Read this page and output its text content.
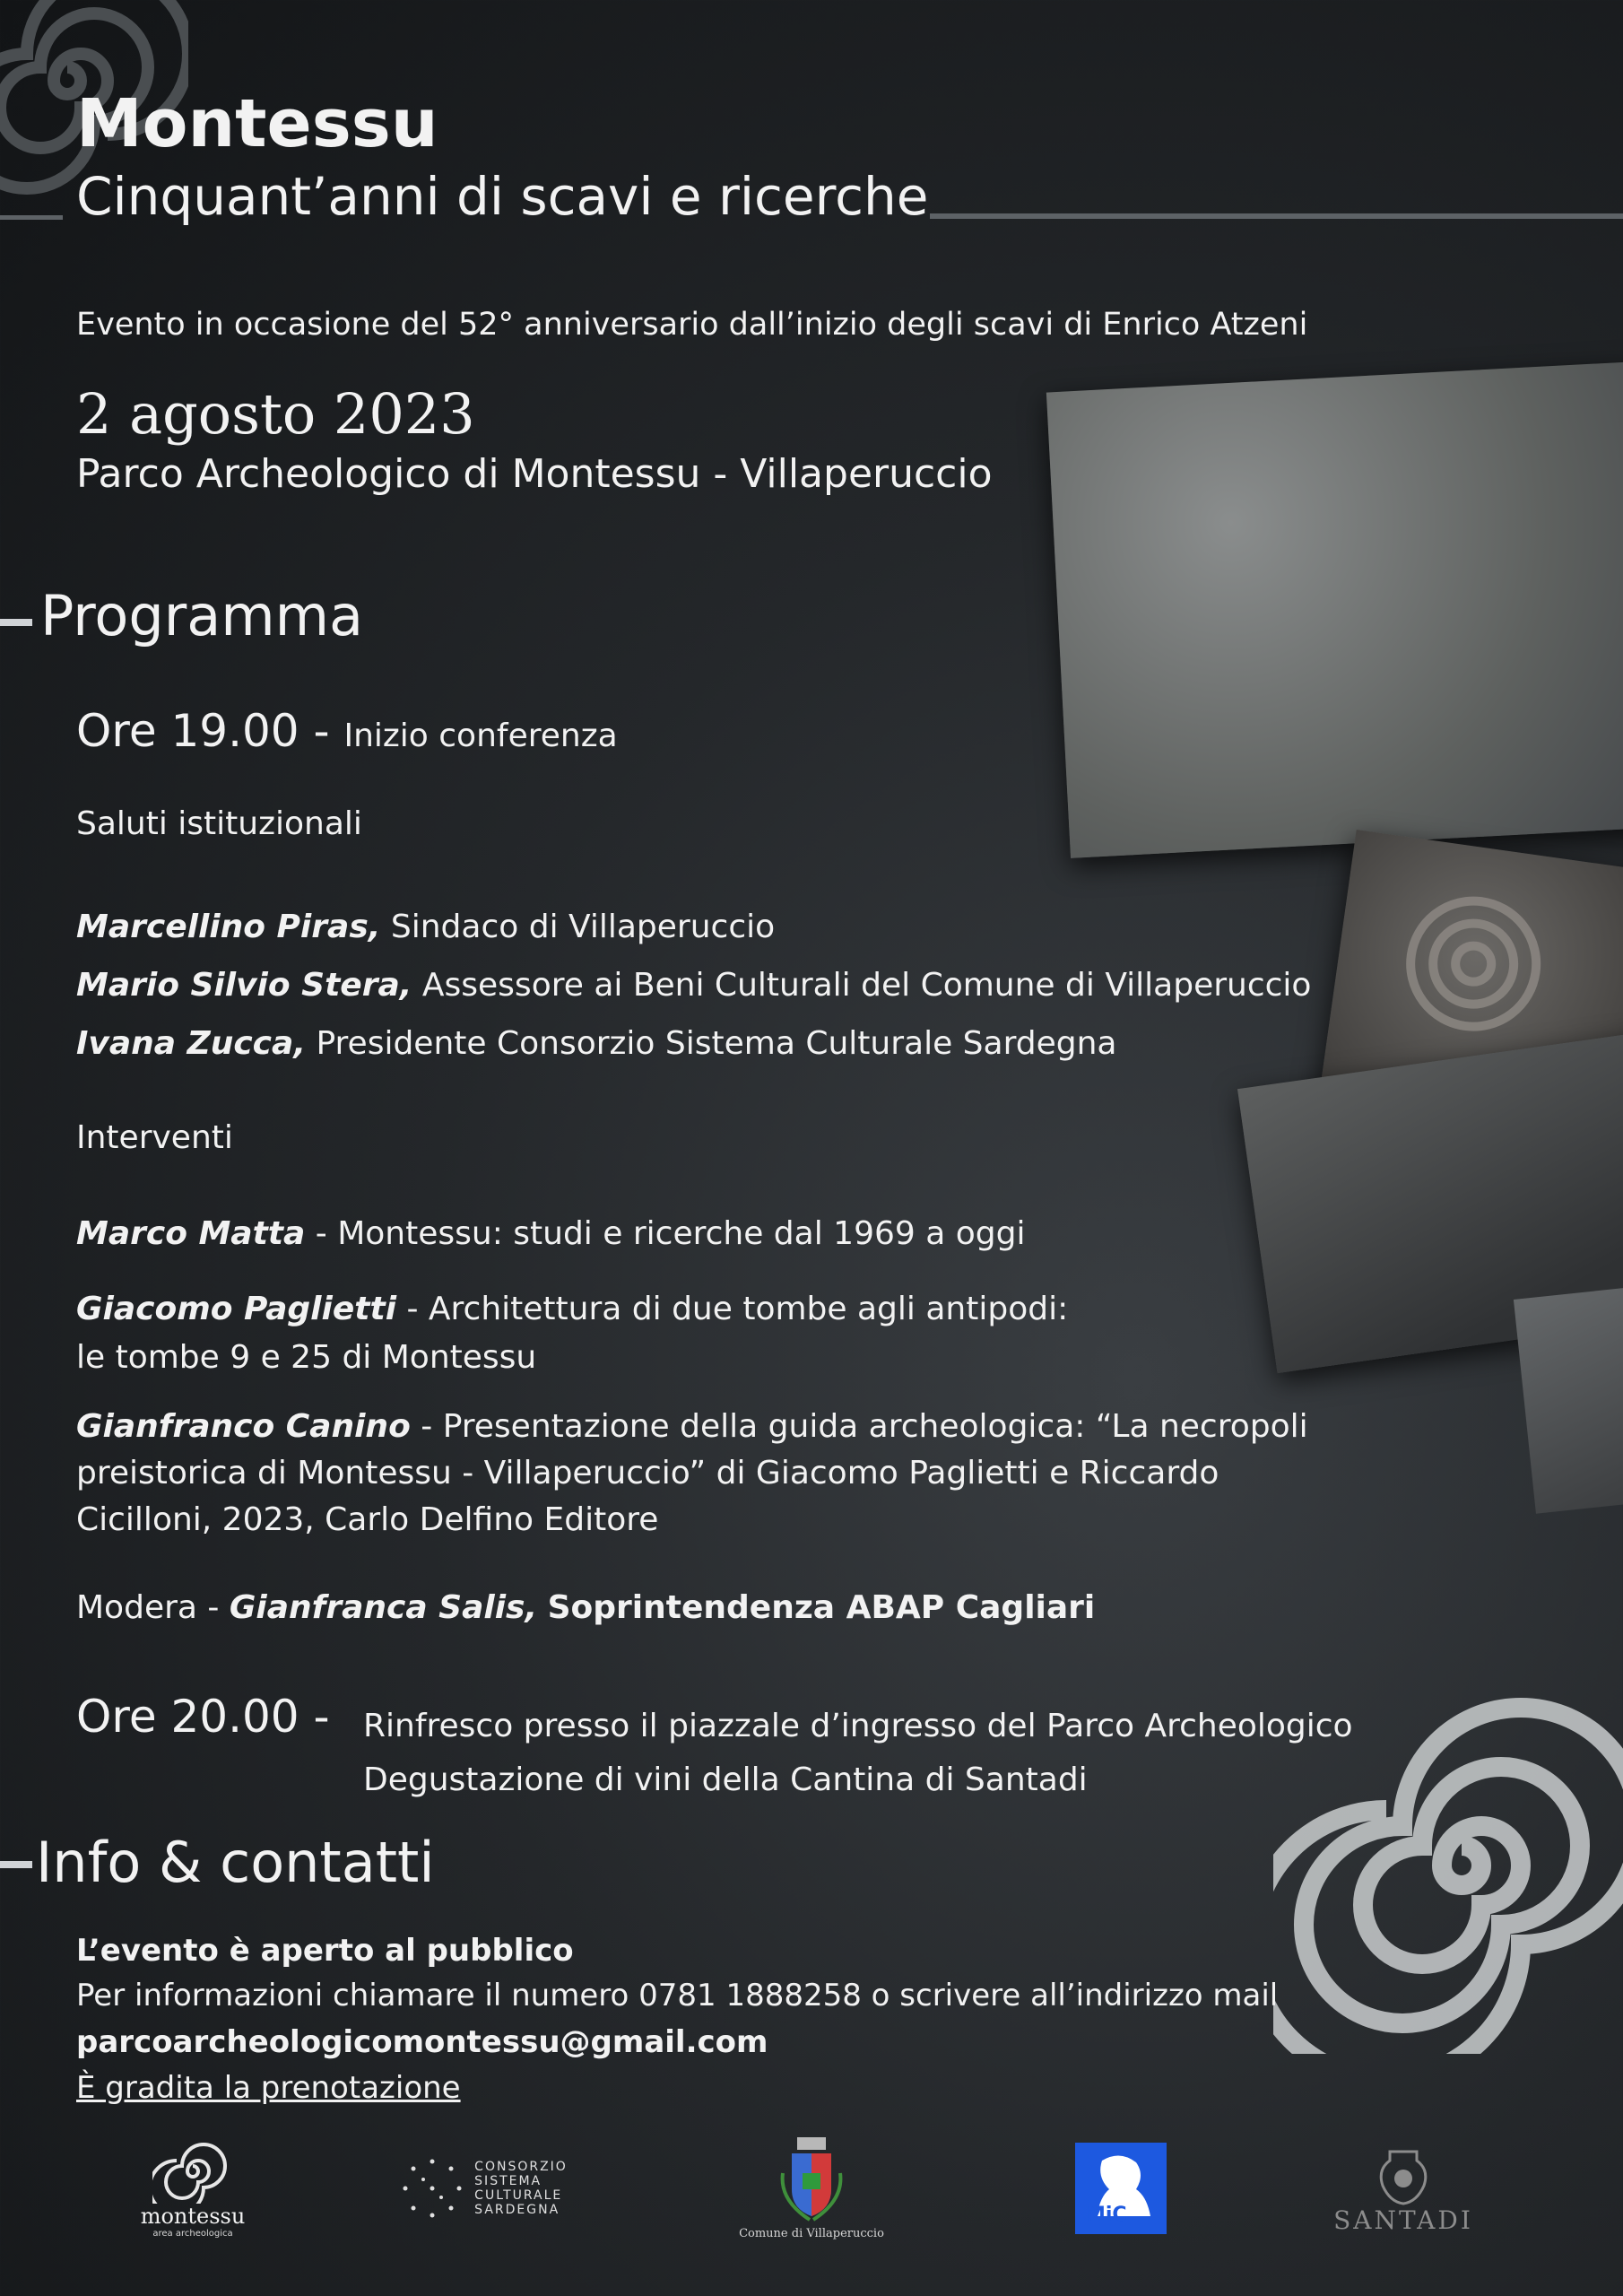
Montessu
Cinquant’anni di scavi e ricerche
Evento in occasione del 52° anniversario dall’inizio degli scavi di Enrico Atzeni
2 agosto 2023
Parco Archeologico di Montessu - Villaperuccio
Programma
Ore 19.00 - Inizio conferenza
Saluti istituzionali
Marcellino Piras, Sindaco di Villaperuccio
Mario Silvio Stera, Assessore ai Beni Culturali del Comune di Villaperuccio
Ivana Zucca, Presidente Consorzio Sistema Culturale Sardegna
Interventi
Marco Matta - Montessu: studi e ricerche dal 1969 a oggi
Giacomo Paglietti - Architettura di due tombe agli antipodi:
le tombe 9 e 25 di Montessu
Gianfranco Canino - Presentazione della guida archeologica: “La necropoli
preistorica di Montessu - Villaperuccio” di Giacomo Paglietti e Riccardo
Cicilloni, 2023, Carlo Delfino Editore
Modera - Gianfranca Salis, Soprintendenza ABAP Cagliari
Ore 20.00 - Rinfresco presso il piazzale d’ingresso del Parco Archeologico
Degustazione di vini della Cantina di Santadi
Info & contatti
L’evento è aperto al pubblico
Per informazioni chiamare il numero 0781 1888258 o scrivere all’indirizzo mail
parcoarcheologicomontessu@gmail.com
È gradita la prenotazione
montessu
area archeologica
CONSORZIO
SISTEMA
CULTURALE
SARDEGNA
Comune di Villaperuccio
MiC	SANTADI
